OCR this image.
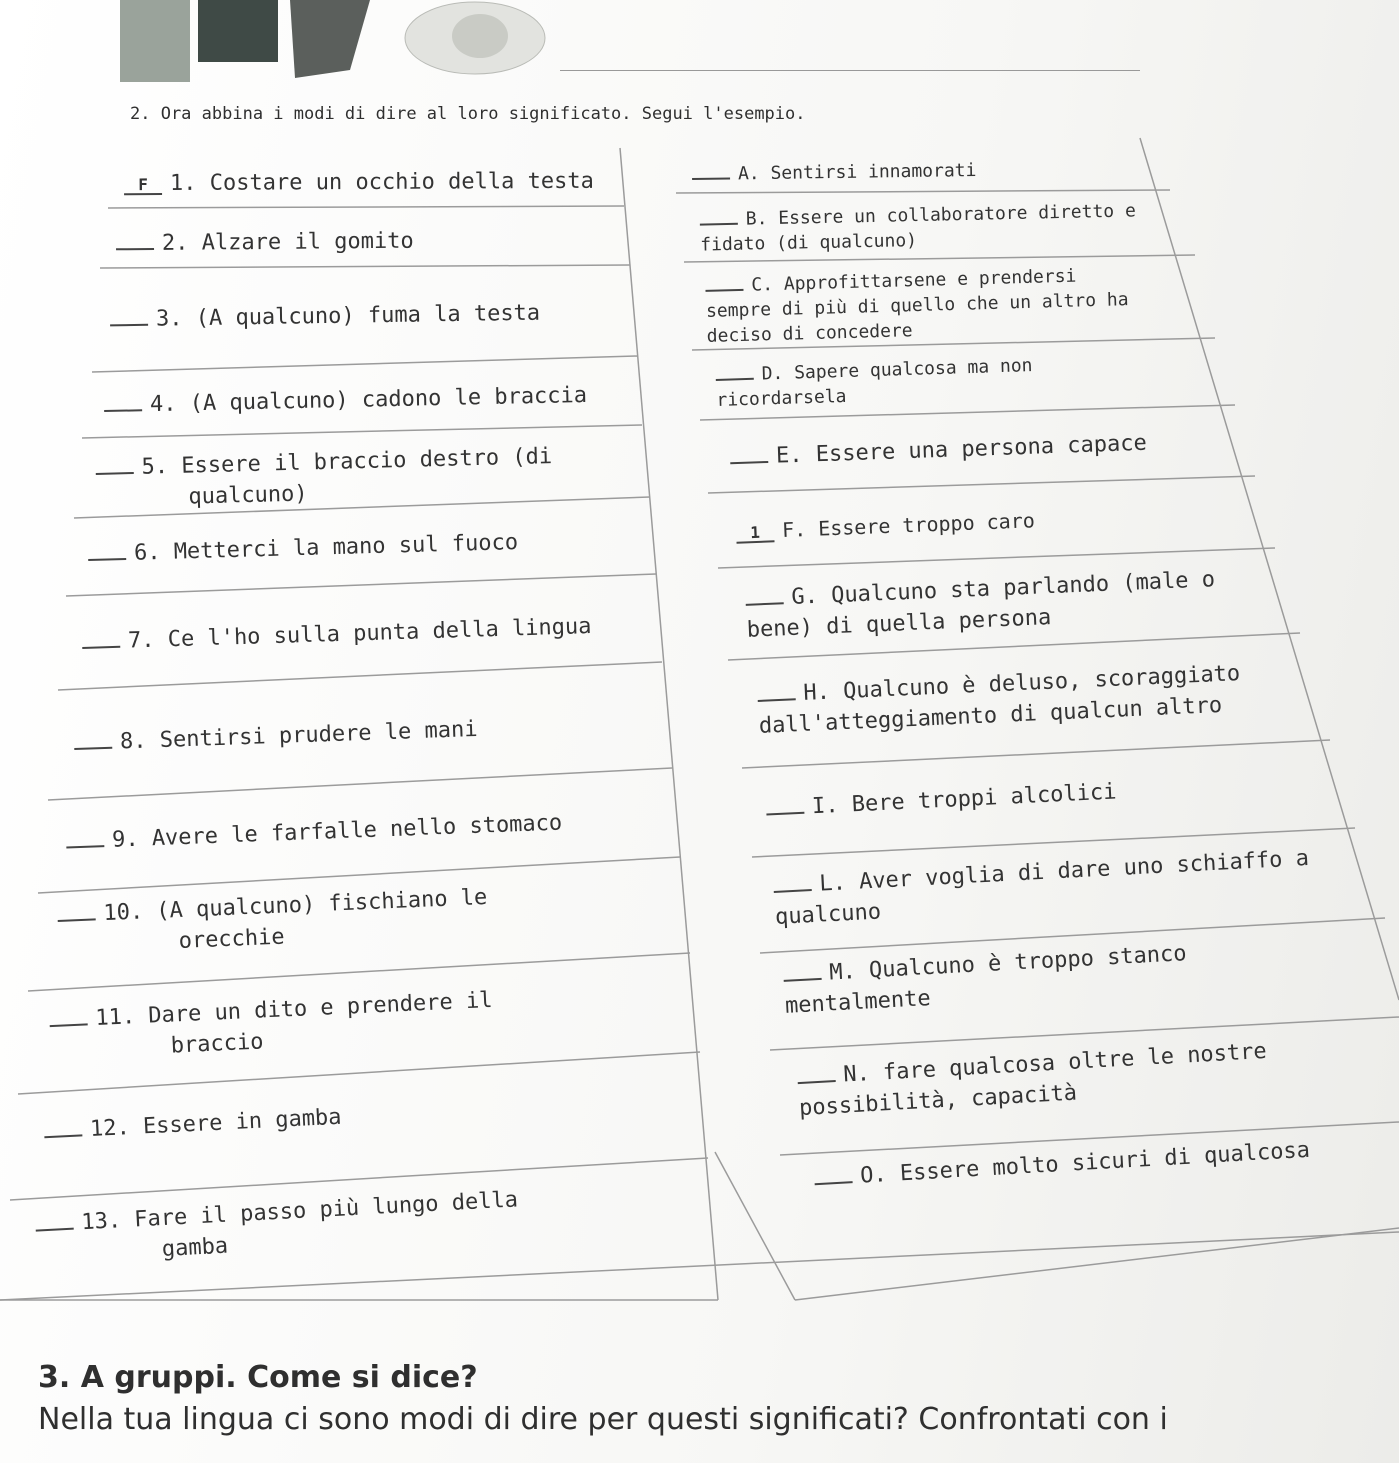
2. Ora abbina i modi di dire al loro significato. Segui l'esempio.
F 1. Costare un occhio della testa
2. Alzare il gomito
3. (A qualcuno) fuma la testa
4. (A qualcuno) cadono le braccia
5. Essere il braccio destro (di
qualcuno)
6. Metterci la mano sul fuoco
7. Ce l'ho sulla punta della lingua
8. Sentirsi prudere le mani
9. Avere le farfalle nello stomaco
10. (A qualcuno) fischiano le
orecchie
11. Dare un dito e prendere il
braccio
12. Essere in gamba
13. Fare il passo più lungo della
gamba
A. Sentirsi innamorati
B. Essere un collaboratore diretto e
fidato (di qualcuno)
C. Approfittarsene e prendersi
sempre di più di quello che un altro ha
deciso di concedere
D. Sapere qualcosa ma non
ricordarsela
E. Essere una persona capace
1 F. Essere troppo caro
G. Qualcuno sta parlando (male o
bene) di quella persona
H. Qualcuno è deluso, scoraggiato
dall'atteggiamento di qualcun altro
I. Bere troppi alcolici
L. Aver voglia di dare uno schiaffo a
qualcuno
M. Qualcuno è troppo stanco
mentalmente
N. fare qualcosa oltre le nostre
possibilità, capacità
O. Essere molto sicuri di qualcosa
3. A gruppi. Come si dice?
Nella tua lingua ci sono modi di dire per questi significati? Confrontati con i
